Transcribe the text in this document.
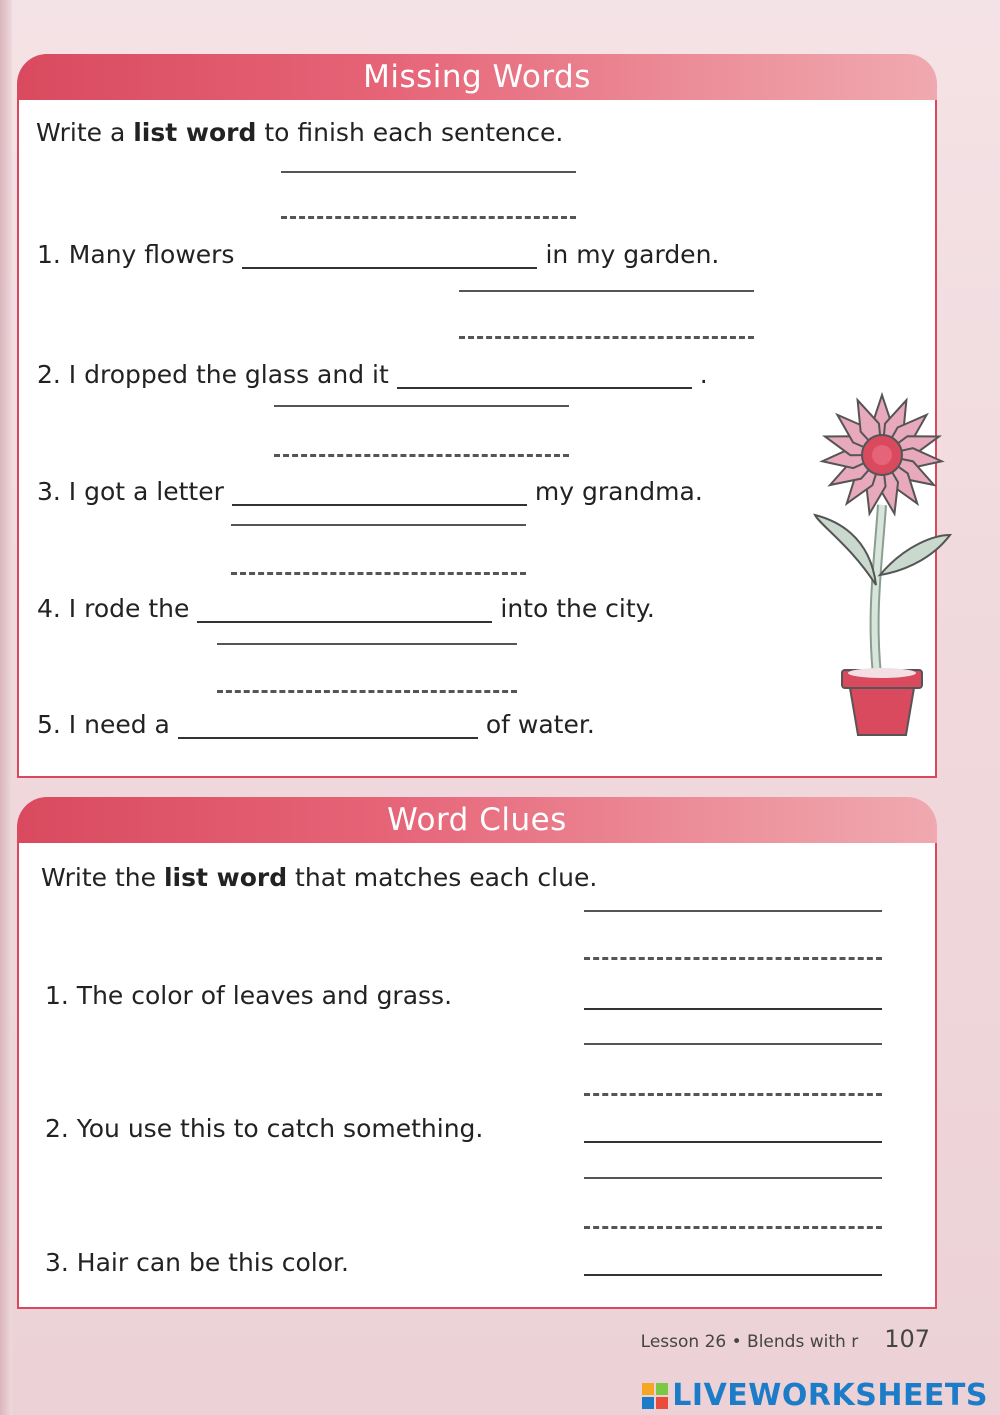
Missing Words
Write a list word to finish each sentence.
1. Many flowers	in my garden.
2. I dropped the glass and it	.
3. I got a letter	my grandma.
4. I rode the	into the city.
5. I need a	of water.
Word Clues
Write the list word that matches each clue.
1. The color of leaves and grass.
2. You use this to catch something.
3. Hair can be this color.
Lesson 26 • Blends with r 107
LIVEWORKSHEETS
